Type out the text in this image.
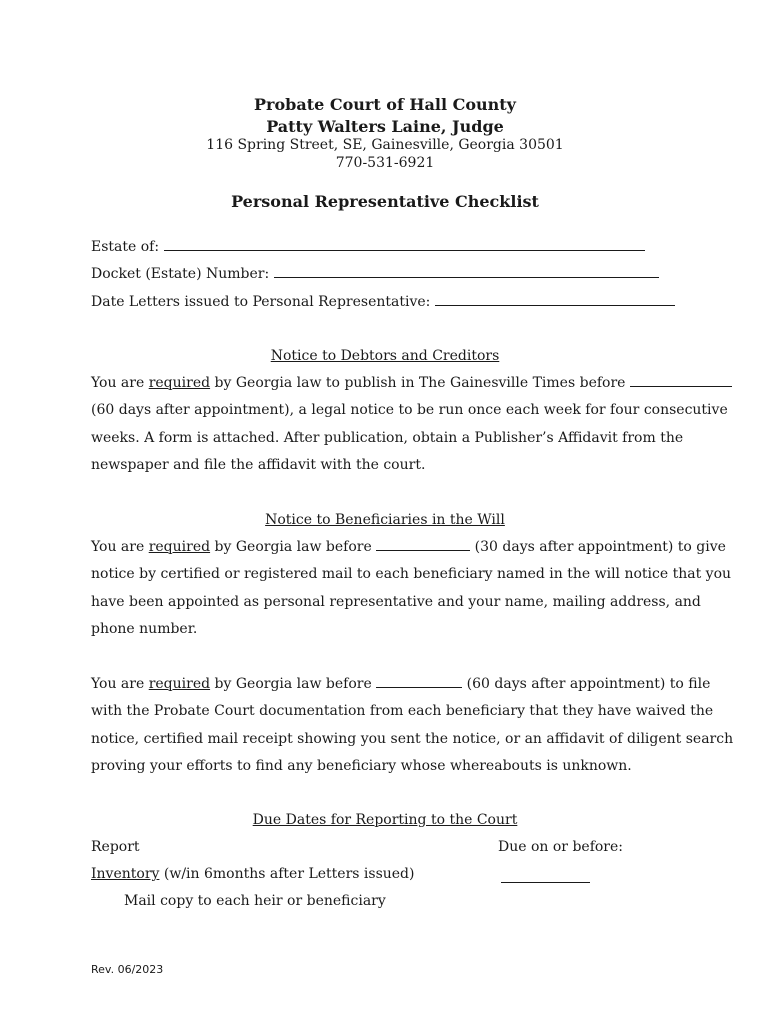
Probate Court of Hall County
Patty Walters Laine, Judge
116 Spring Street, SE, Gainesville, Georgia 30501
770-531-6921
Personal Representative Checklist
Estate of:
Docket (Estate) Number:
Date Letters issued to Personal Representative:
Notice to Debtors and Creditors
You are required by Georgia law to publish in The Gainesville Times before
(60 days after appointment), a legal notice to be run once each week for four consecutive
weeks. A form is attached. After publication, obtain a Publisher’s Affidavit from the
newspaper and file the affidavit with the court.
Notice to Beneficiaries in the Will
You are required by Georgia law before	(30 days after appointment) to give
notice by certified or registered mail to each beneficiary named in the will notice that you
have been appointed as personal representative and your name, mailing address, and
phone number.
You are required by Georgia law before	(60 days after appointment) to file
with the Probate Court documentation from each beneficiary that they have waived the
notice, certified mail receipt showing you sent the notice, or an affidavit of diligent search
proving your efforts to find any beneficiary whose whereabouts is unknown.
Due Dates for Reporting to the Court
Report	Due on or before:
Inventory (w/in 6months after Letters issued)
Mail copy to each heir or beneficiary
Rev. 06/2023
